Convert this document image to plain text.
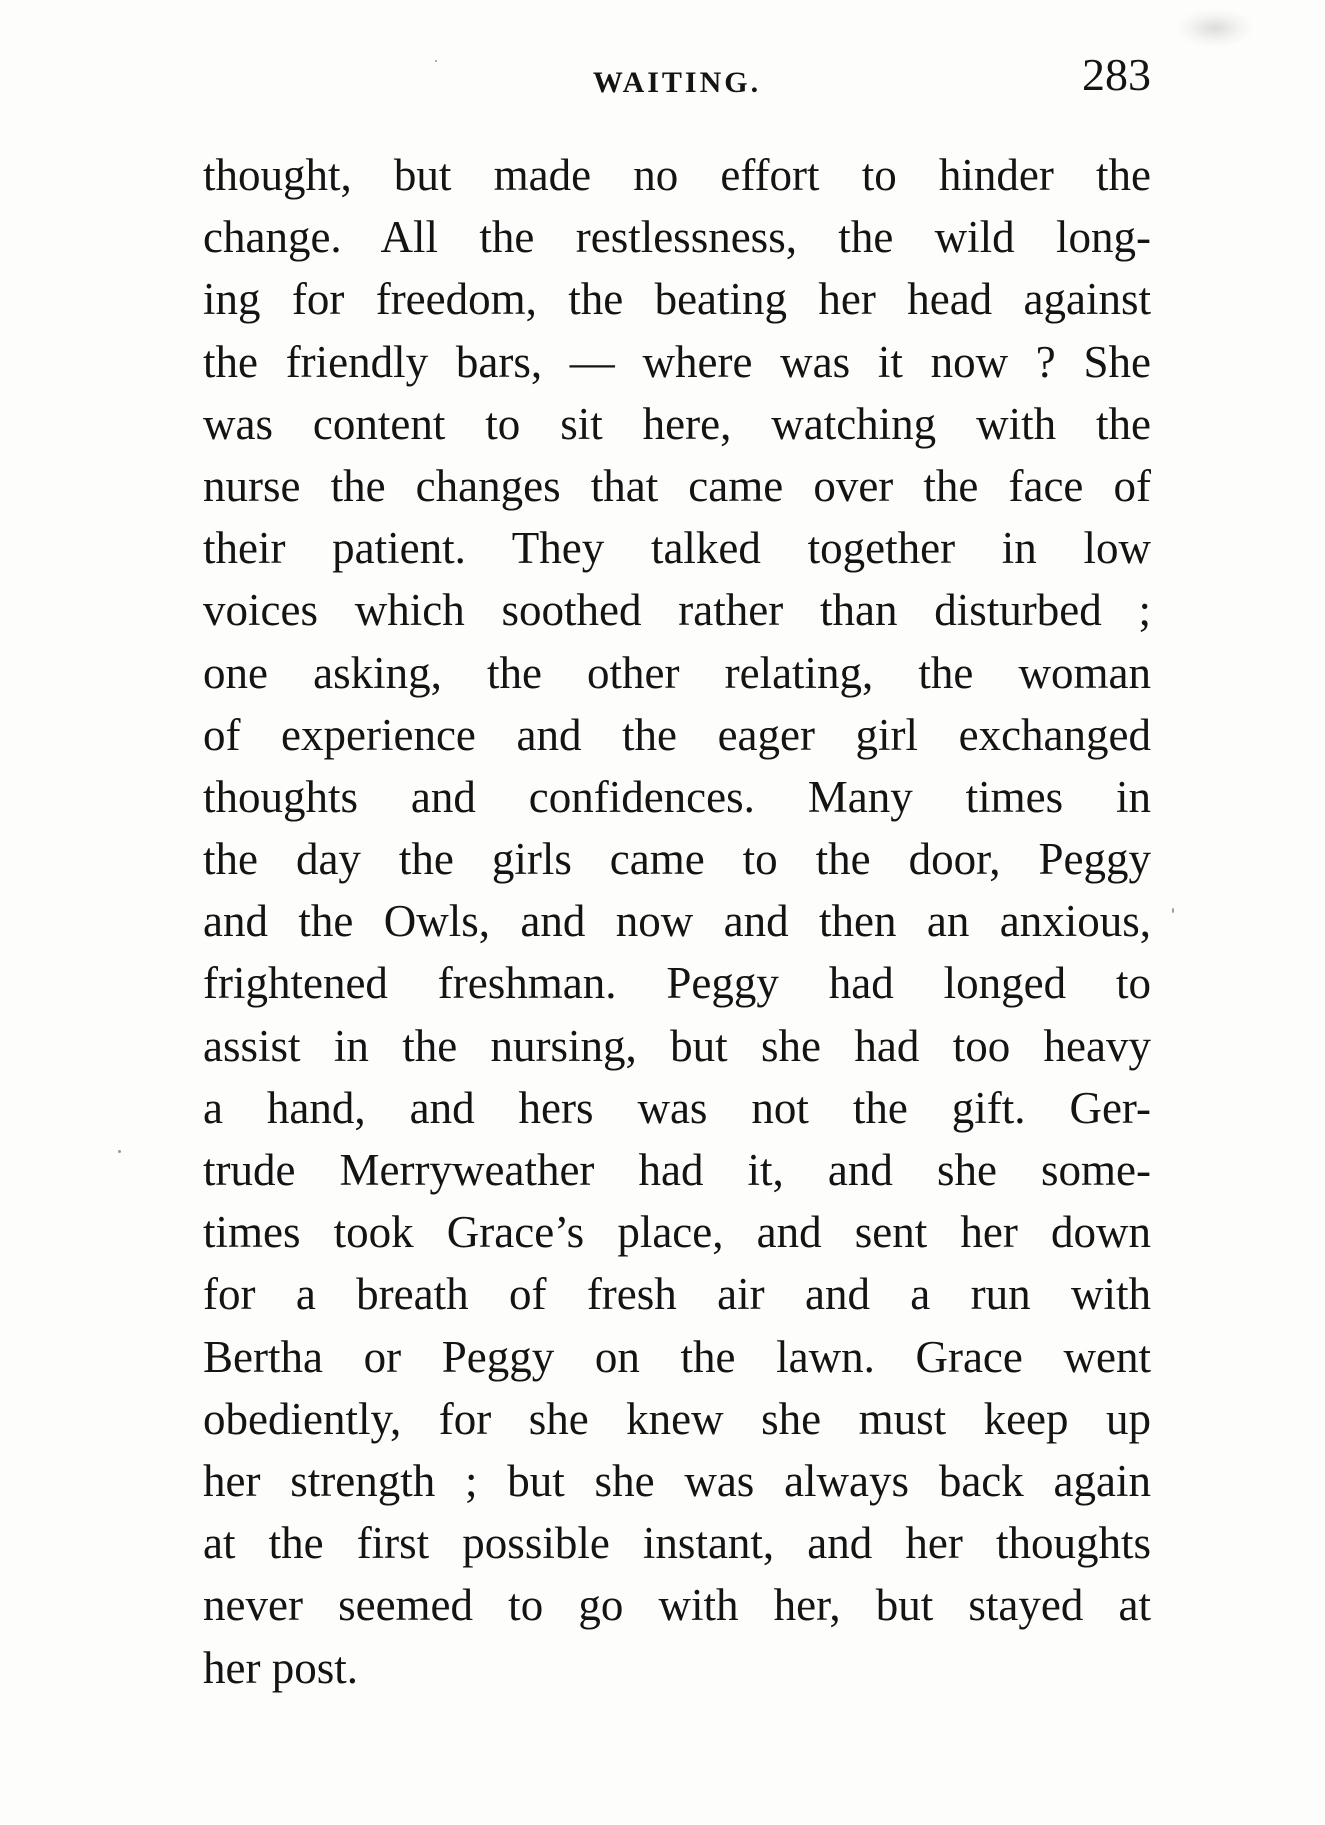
WAITING.	283
thought, but made no effort to hinder the
change. All the restlessness, the wild long-
ing for freedom, the beating her head against
the friendly bars, — where was it now ? She
was content to sit here, watching with the
nurse the changes that came over the face of
their patient. They talked together in low
voices which soothed rather than disturbed ;
one asking, the other relating, the woman
of experience and the eager girl exchanged
thoughts and confidences. Many times in
the day the girls came to the door, Peggy
and the Owls, and now and then an anxious,
frightened freshman. Peggy had longed to
assist in the nursing, but she had too heavy
a hand, and hers was not the gift. Ger-
trude Merryweather had it, and she some-
times took Grace’s place, and sent her down
for a breath of fresh air and a run with
Bertha or Peggy on the lawn. Grace went
obediently, for she knew she must keep up
her strength ; but she was always back again
at the first possible instant, and her thoughts
never seemed to go with her, but stayed at
her post.
